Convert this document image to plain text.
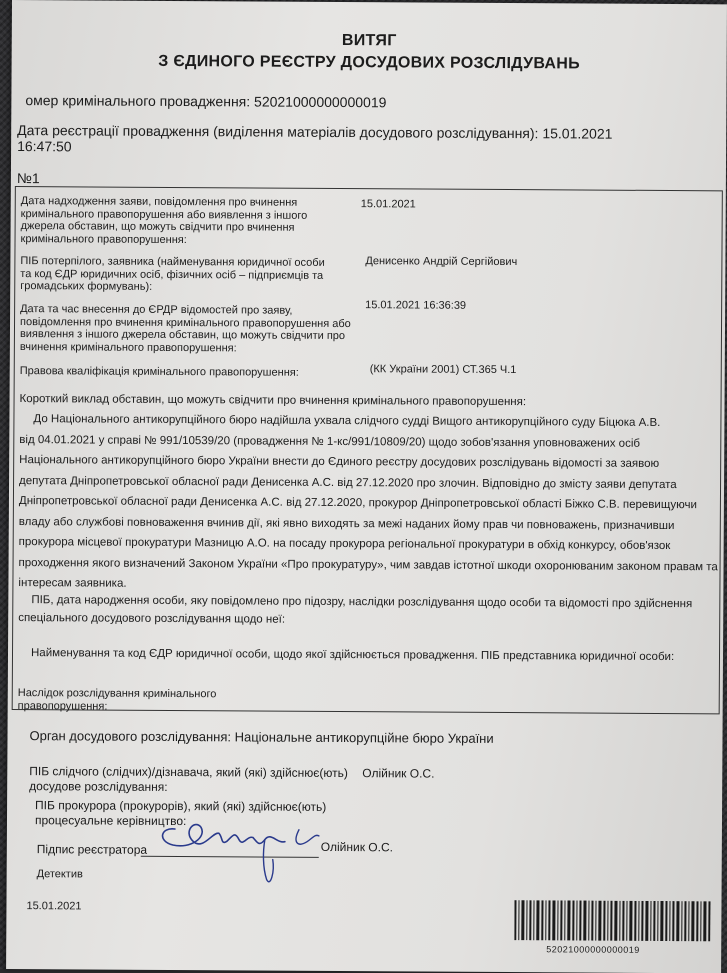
ВИТЯГ
З ЄДИНОГО РЕЄСТРУ ДОСУДОВИХ РОЗСЛІДУВАНЬ
омер кримінального провадження: 52021000000000019
Дата реєстрації провадження (виділення матеріалів досудового розслідування): 15.01.2021
16:47:50
№1
Дата надходження заяви, повідомлення про вчинення
кримінального правопорушення або виявлення з іншого
джерела обставин, що можуть свідчити про вчинення
кримінального правопорушення:
15.01.2021
ПІБ потерпілого, заявника (найменування юридичної особи
та код ЄДР юридичних осіб, фізичних осіб – підприємців та
громадських формувань):
Денисенко Андрій Сергійович
Дата та час внесення до ЄРДР відомостей про заяву,
повідомлення про вчинення кримінального правопорушення або
виявлення з іншого джерела обставин, що можуть свідчити про
вчинення кримінального правопорушення:
15.01.2021 16:36:39
Правова кваліфікація кримінального правопорушення:	(КК України 2001) СТ.365 Ч.1
Короткий виклад обставин, що можуть свідчити про вчинення кримінального правопорушення:
До Національного антикорупційного бюро надійшла ухвала слідчого судді Вищого антикорупційного суду Біцюка А.В.
від 04.01.2021 у справі № 991/10539/20 (провадження № 1-кс/991/10809/20) щодо зобов'язання уповноважених осіб
Національного антикорупційного бюро України внести до Єдиного реєстру досудових розслідувань відомості за заявою
депутата Дніпропетровської обласної ради Денисенка А.С. від 27.12.2020 про злочин. Відповідно до змісту заяви депутата
Дніпропетровської обласної ради Денисенка А.С. від 27.12.2020, прокурор Дніпропетровської області Біжко С.В. перевищуючи
владу або службові повноваження вчинив дії, які явно виходять за межі наданих йому прав чи повноважень, призначивши
прокурора місцевої прокуратури Мазницю А.О. на посаду прокурора регіональної прокуратури в обхід конкурсу, обов'язок
проходження якого визначений Законом України «Про прокуратуру», чим завдав істотної шкоди охоронюваним законом правам та
інтересам заявника.
ПІБ, дата народження особи, яку повідомлено про підозру, наслідки розслідування щодо особи та відомості про здійснення
спеціального досудового розслідування щодо неї:
Найменування та код ЄДР юридичної особи, щодо якої здійснюється провадження. ПІБ представника юридичної особи:
Наслідок розслідування кримінального
правопорушення:
Орган досудового розслідування: Національне антикорупційне бюро України
ПІБ слідчого (слідчих)/дізнавача, який (які) здійснює(ють)
досудове розслідування:
Олійник О.С.
ПІБ прокурора (прокурорів), який (які) здійснює(ють)
процесуальне керівництво:
Підпис реєстратора	Олійник О.С.
Детектив
15.01.2021
52021000000000019
